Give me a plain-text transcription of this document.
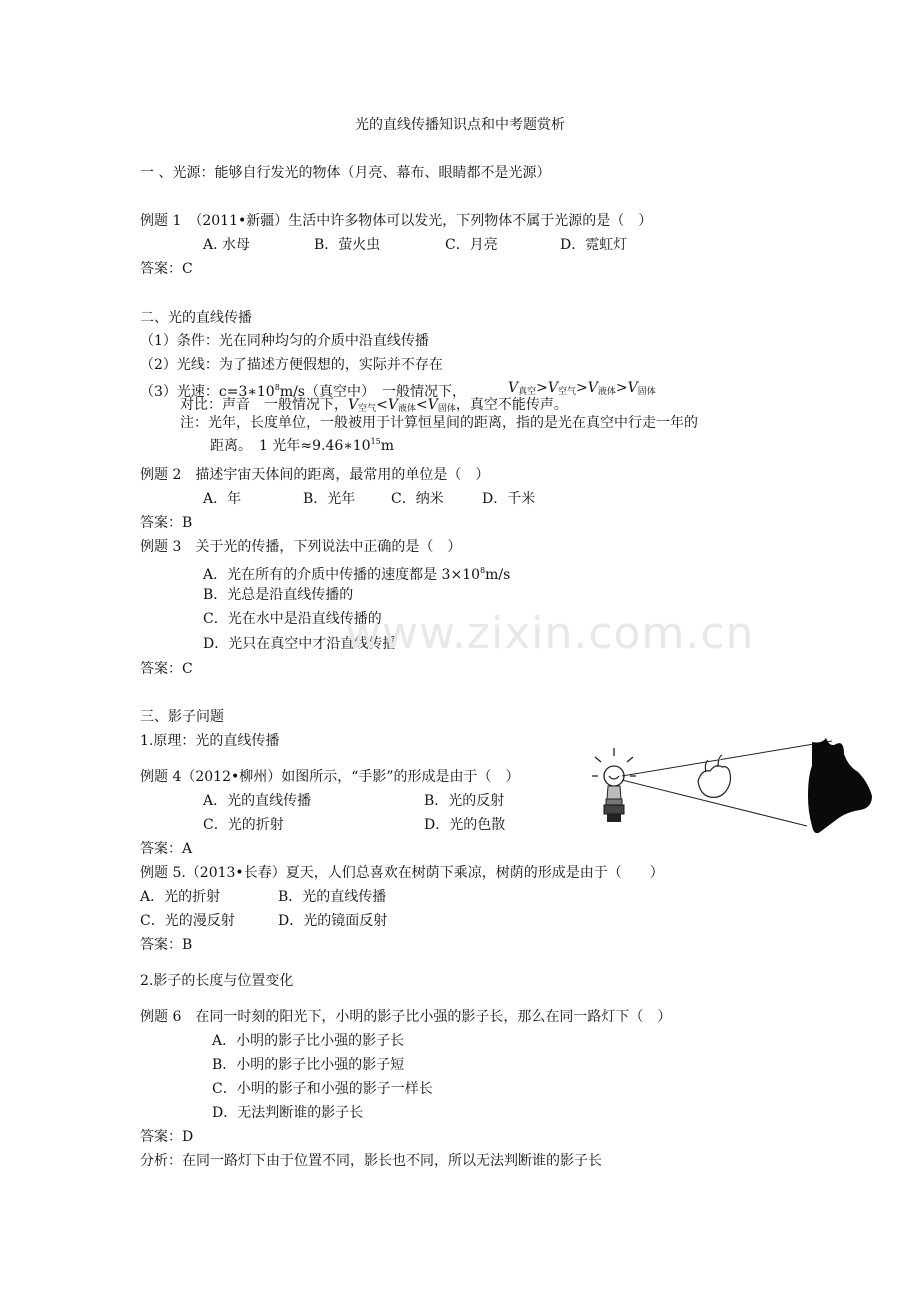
光的直线传播知识点和中考题赏析
一 、光源：能够自行发光的物体（月亮、幕布、眼睛都不是光源）
例题 1　（2011•新疆）生活中许多物体可以发光，下列物体不属于光源的是（　）
A. 水母	B．萤火虫	C．月亮	D．霓虹灯
答案：C
二、光的直线传播
（1）条件：光在同种均匀的介质中沿直线传播
（2）光线：为了描述方便假想的，实际并不存在
（3）光速：$c=3∗10^8m/s$（真空中）　一般情况下，	$V_{真空}>V_{空气}>V_{液体}>V_{固体}$
对比：声音　一般情况下，$V_{空气}<V_{液体}<V_{固体}$，真空不能传声。
注：光年，长度单位，一般被用于计算恒星间的距离，指的是光在真空中行走一年的
距离。　1 光年$\approx 9.46∗10^{15}m$
例题 2　描述宇宙天体间的距离，最常用的单位是（　）
A．年	B．光年	C．纳米	D．千米
答案：B
例题 3　关于光的传播，下列说法中正确的是（　）
A．光在所有的介质中传播的速度都是 $3\times 10^8m/s$
B．光总是沿直线传播的
C．光在水中是沿直线传播的
D．光只在真空中才沿直线传播
答案：C
www.zixin.com.cn
三、影子问题
1.原理：光的直线传播
例题 4（2012•柳州）如图所示，“手影”的形成是由于（　）
A．光的直线传播	B．光的反射
C．光的折射	D．光的色散
答案：A
例题 5.（2013•长春）夏天，人们总喜欢在树荫下乘凉，树荫的形成是由于（　　）
A．光的折射	B．光的直线传播
C．光的漫反射	D．光的镜面反射
答案：B
2.影子的长度与位置变化
例题 6　在同一时刻的阳光下，小明的影子比小强的影子长，那么在同一路灯下（　）
A．小明的影子比小强的影子长
B．小明的影子比小强的影子短
C．小明的影子和小强的影子一样长
D．无法判断谁的影子长
答案：D
分析：在同一路灯下由于位置不同，影长也不同，所以无法判断谁的影子长
